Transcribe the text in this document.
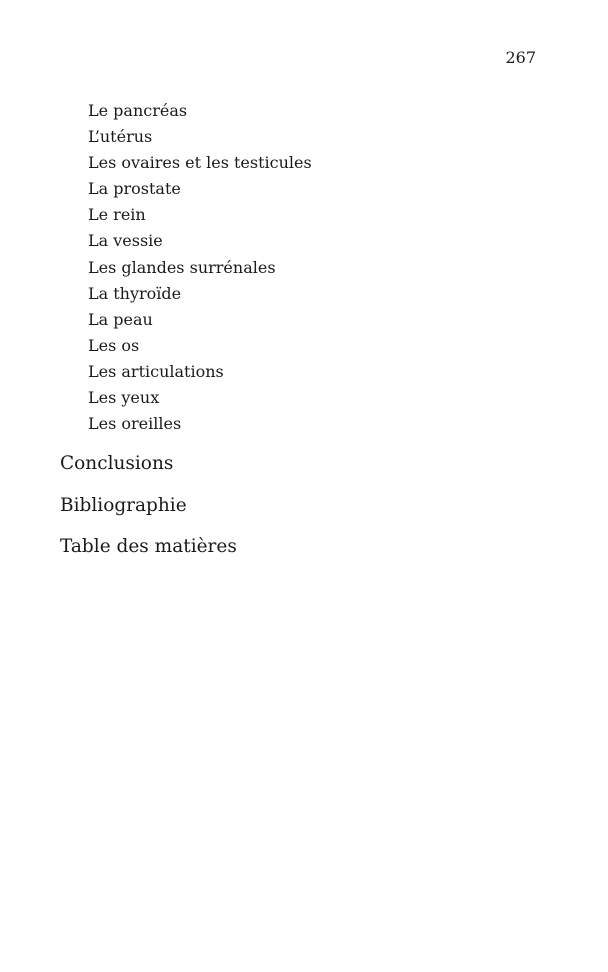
267

Le pancréas
L’utérus
Les ovaires et les testicules
La prostate
Le rein
La vessie
Les glandes surrénales
La thyroïde
La peau
Les os
Les articulations
Les yeux
Les oreilles
Conclusions
Bibliographie
Table des matières
